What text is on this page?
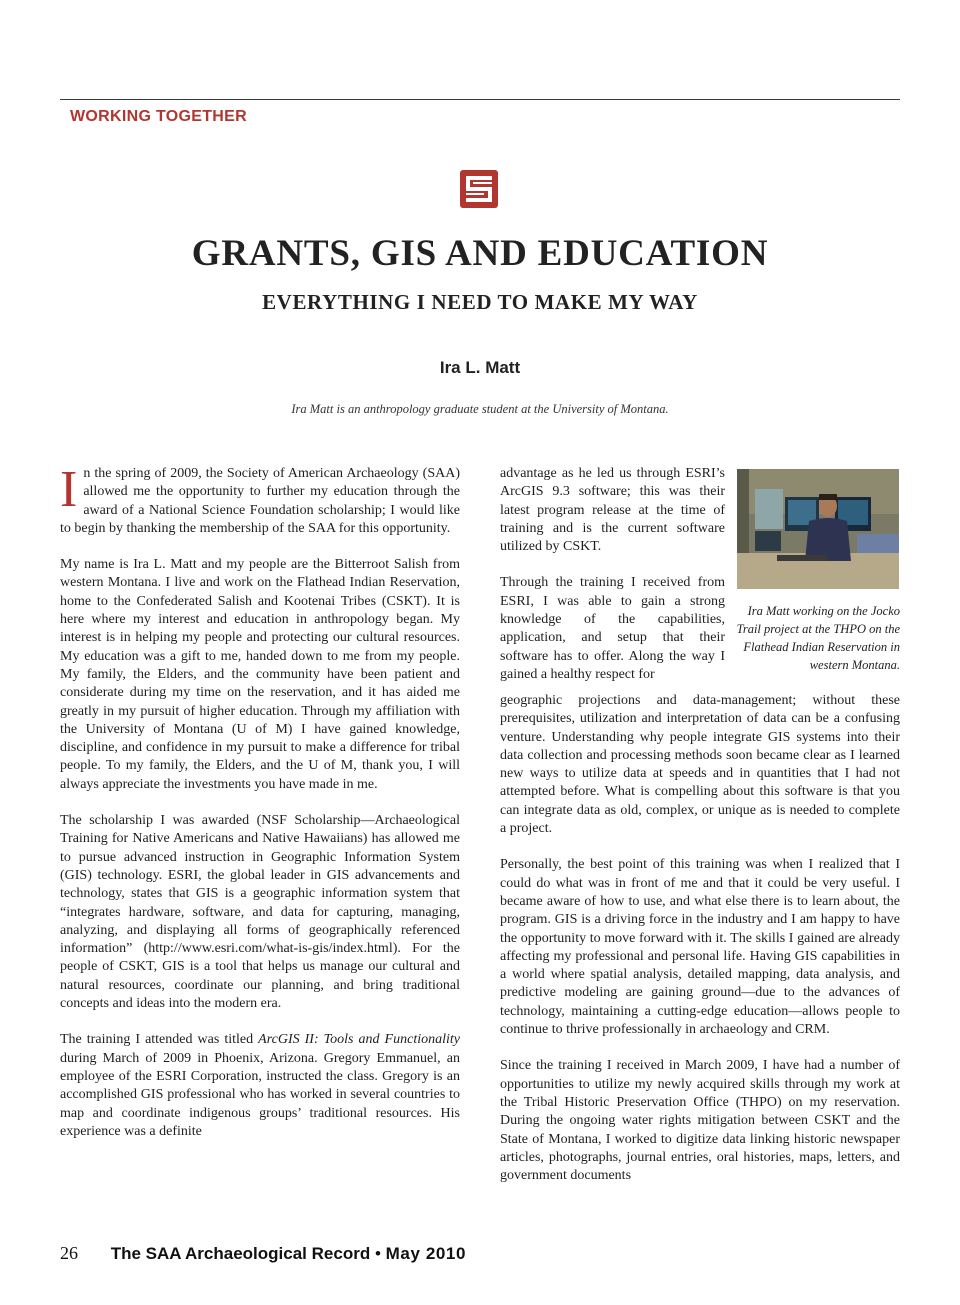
WORKING TOGETHER
GRANTS, GIS AND EDUCATION
EVERYTHING I NEED TO MAKE MY WAY
Ira L. Matt
Ira Matt is an anthropology graduate student at the University of Montana.

In the spring of 2009, the Society of American Archaeology (SAA) allowed me the opportunity to further my education through the award of a National Science Foundation scholarship; I would like to begin by thanking the membership of the SAA for this opportunity.

My name is Ira L. Matt and my people are the Bitterroot Salish from western Montana. I live and work on the Flathead Indian Reservation, home to the Confederated Salish and Kootenai Tribes (CSKT). It is here where my interest and education in anthropology began. My interest is in helping my people and protecting our cultural resources. My education was a gift to me, handed down to me from my people. My family, the Elders, and the community have been patient and considerate during my time on the reservation, and it has aided me greatly in my pursuit of higher education. Through my affiliation with the University of Montana (U of M) I have gained knowledge, discipline, and confidence in my pursuit to make a difference for tribal people. To my family, the Elders, and the U of M, thank you, I will always appreciate the investments you have made in me.

The scholarship I was awarded (NSF Scholarship—Archaeological Training for Native Americans and Native Hawaiians) has allowed me to pursue advanced instruction in Geographic Information System (GIS) technology. ESRI, the global leader in GIS advancements and technology, states that GIS is a geographic information system that “integrates hardware, software, and data for capturing, managing, analyzing, and displaying all forms of geographically referenced information” (http://www.esri.com/what-is-gis/index.html). For the people of CSKT, GIS is a tool that helps us manage our cultural and natural resources, coordinate our planning, and bring traditional concepts and ideas into the modern era.

The training I attended was titled ArcGIS II: Tools and Functionality during March of 2009 in Phoenix, Arizona. Gregory Emmanuel, an employee of the ESRI Corporation, instructed the class. Gregory is an accomplished GIS professional who has worked in several countries to map and coordinate indigenous groups’ traditional resources. His experience was a definite

advantage as he led us through ESRI’s ArcGIS 9.3 software; this was their latest program release at the time of training and is the current software utilized by CSKT.

Through the training I received from ESRI, I was able to gain a strong knowledge of the capabilities, application, and setup that their software has to offer. Along the way I gained a healthy respect for

Ira Matt working on the Jocko Trail project at the THPO on the Flathead Indian Reservation in western Montana.

geographic projections and data-management; without these prerequisites, utilization and interpretation of data can be a confusing venture. Understanding why people integrate GIS systems into their data collection and processing methods soon became clear as I learned new ways to utilize data at speeds and in quantities that I had not attempted before. What is compelling about this software is that you can integrate data as old, complex, or unique as is needed to complete a project.

Personally, the best point of this training was when I realized that I could do what was in front of me and that it could be very useful. I became aware of how to use, and what else there is to learn about, the program. GIS is a driving force in the industry and I am happy to have the opportunity to move forward with it. The skills I gained are already affecting my professional and personal life. Having GIS capabilities in a world where spatial analysis, detailed mapping, data analysis, and predictive modeling are gaining ground—due to the advances of technology, maintaining a cutting-edge education—allows people to continue to thrive professionally in archaeology and CRM.

Since the training I received in March 2009, I have had a number of opportunities to utilize my newly acquired skills through my work at the Tribal Historic Preservation Office (THPO) on my reservation. During the ongoing water rights mitigation between CSKT and the State of Montana, I worked to digitize data linking historic newspaper articles, photographs, journal entries, oral histories, maps, letters, and government documents

26 The SAA Archaeological Record • May 2010
